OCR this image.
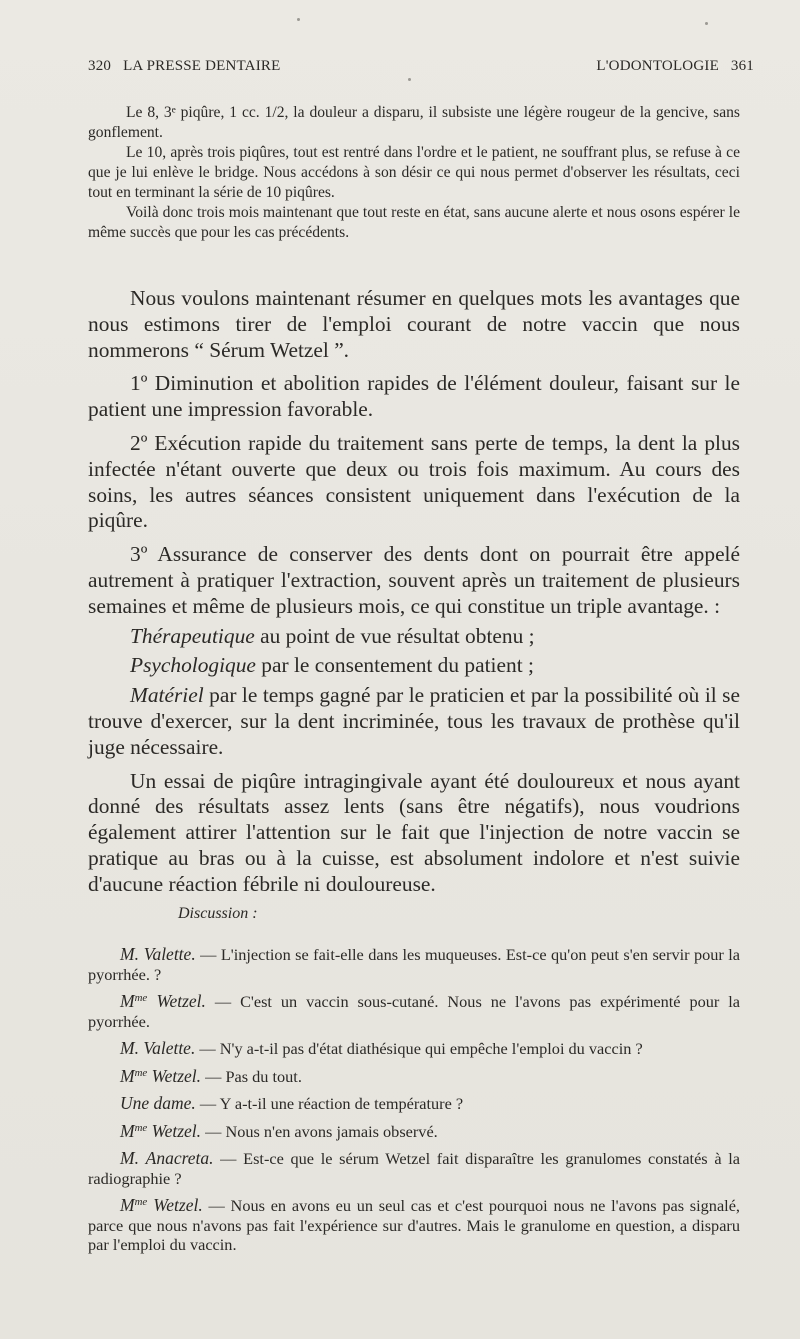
320 LA PRESSE DENTAIRE	L'ODONTOLOGIE 361

Le 8, 3ᵉ piqûre, 1 cc. 1/2, la douleur a disparu, il subsiste une légère rougeur de la gencive, sans gonflement.

Le 10, après trois piqûres, tout est rentré dans l'ordre et le patient, ne souffrant plus, se refuse à ce que je lui enlève le bridge. Nous accédons à son désir ce qui nous permet d'observer les résultats, ceci tout en terminant la série de 10 piqûres.

Voilà donc trois mois maintenant que tout reste en état, sans aucune alerte et nous osons espérer le même succès que pour les cas précédents.

Nous voulons maintenant résumer en quelques mots les avantages que nous estimons tirer de l'emploi courant de notre vaccin que nous nommerons “ Sérum Wetzel ”.

1º Diminution et abolition rapides de l'élément douleur, faisant sur le patient une impression favorable.

2º Exécution rapide du traitement sans perte de temps, la dent la plus infectée n'étant ouverte que deux ou trois fois maximum. Au cours des soins, les autres séances consistent uniquement dans l'exécution de la piqûre.

3º Assurance de conserver des dents dont on pourrait être appelé autrement à pratiquer l'extraction, souvent après un traitement de plusieurs semaines et même de plusieurs mois, ce qui constitue un triple avantage. :

Thérapeutique au point de vue résultat obtenu ;

Psychologique par le consentement du patient ;

Matériel par le temps gagné par le praticien et par la possibilité où il se trouve d'exercer, sur la dent incriminée, tous les travaux de prothèse qu'il juge nécessaire.

Un essai de piqûre intragingivale ayant été douloureux et nous ayant donné des résultats assez lents (sans être négatifs), nous voudrions également attirer l'attention sur le fait que l'injection de notre vaccin se pratique au bras ou à la cuisse, est absolument indolore et n'est suivie d'aucune réaction fébrile ni douloureuse.

Discussion :

M. Valette. — L'injection se fait-elle dans les muqueuses. Est-ce qu'on peut s'en servir pour la pyorrhée. ?

$M^{me}$ Wetzel. — C'est un vaccin sous-cutané. Nous ne l'avons pas expérimenté pour la pyorrhée.

M. Valette. — N'y a-t-il pas d'état diathésique qui empêche l'emploi du vaccin ?

$M^{me}$ Wetzel. — Pas du tout.

Une dame. — Y a-t-il une réaction de température ?

$M^{me}$ Wetzel. — Nous n'en avons jamais observé.

M. Anacreta. — Est-ce que le sérum Wetzel fait disparaître les granulomes constatés à la radiographie ?

$M^{me}$ Wetzel. — Nous en avons eu un seul cas et c'est pourquoi nous ne l'avons pas signalé, parce que nous n'avons pas fait l'expérience sur d'autres. Mais le granulome en question, a disparu par l'emploi du vaccin.
